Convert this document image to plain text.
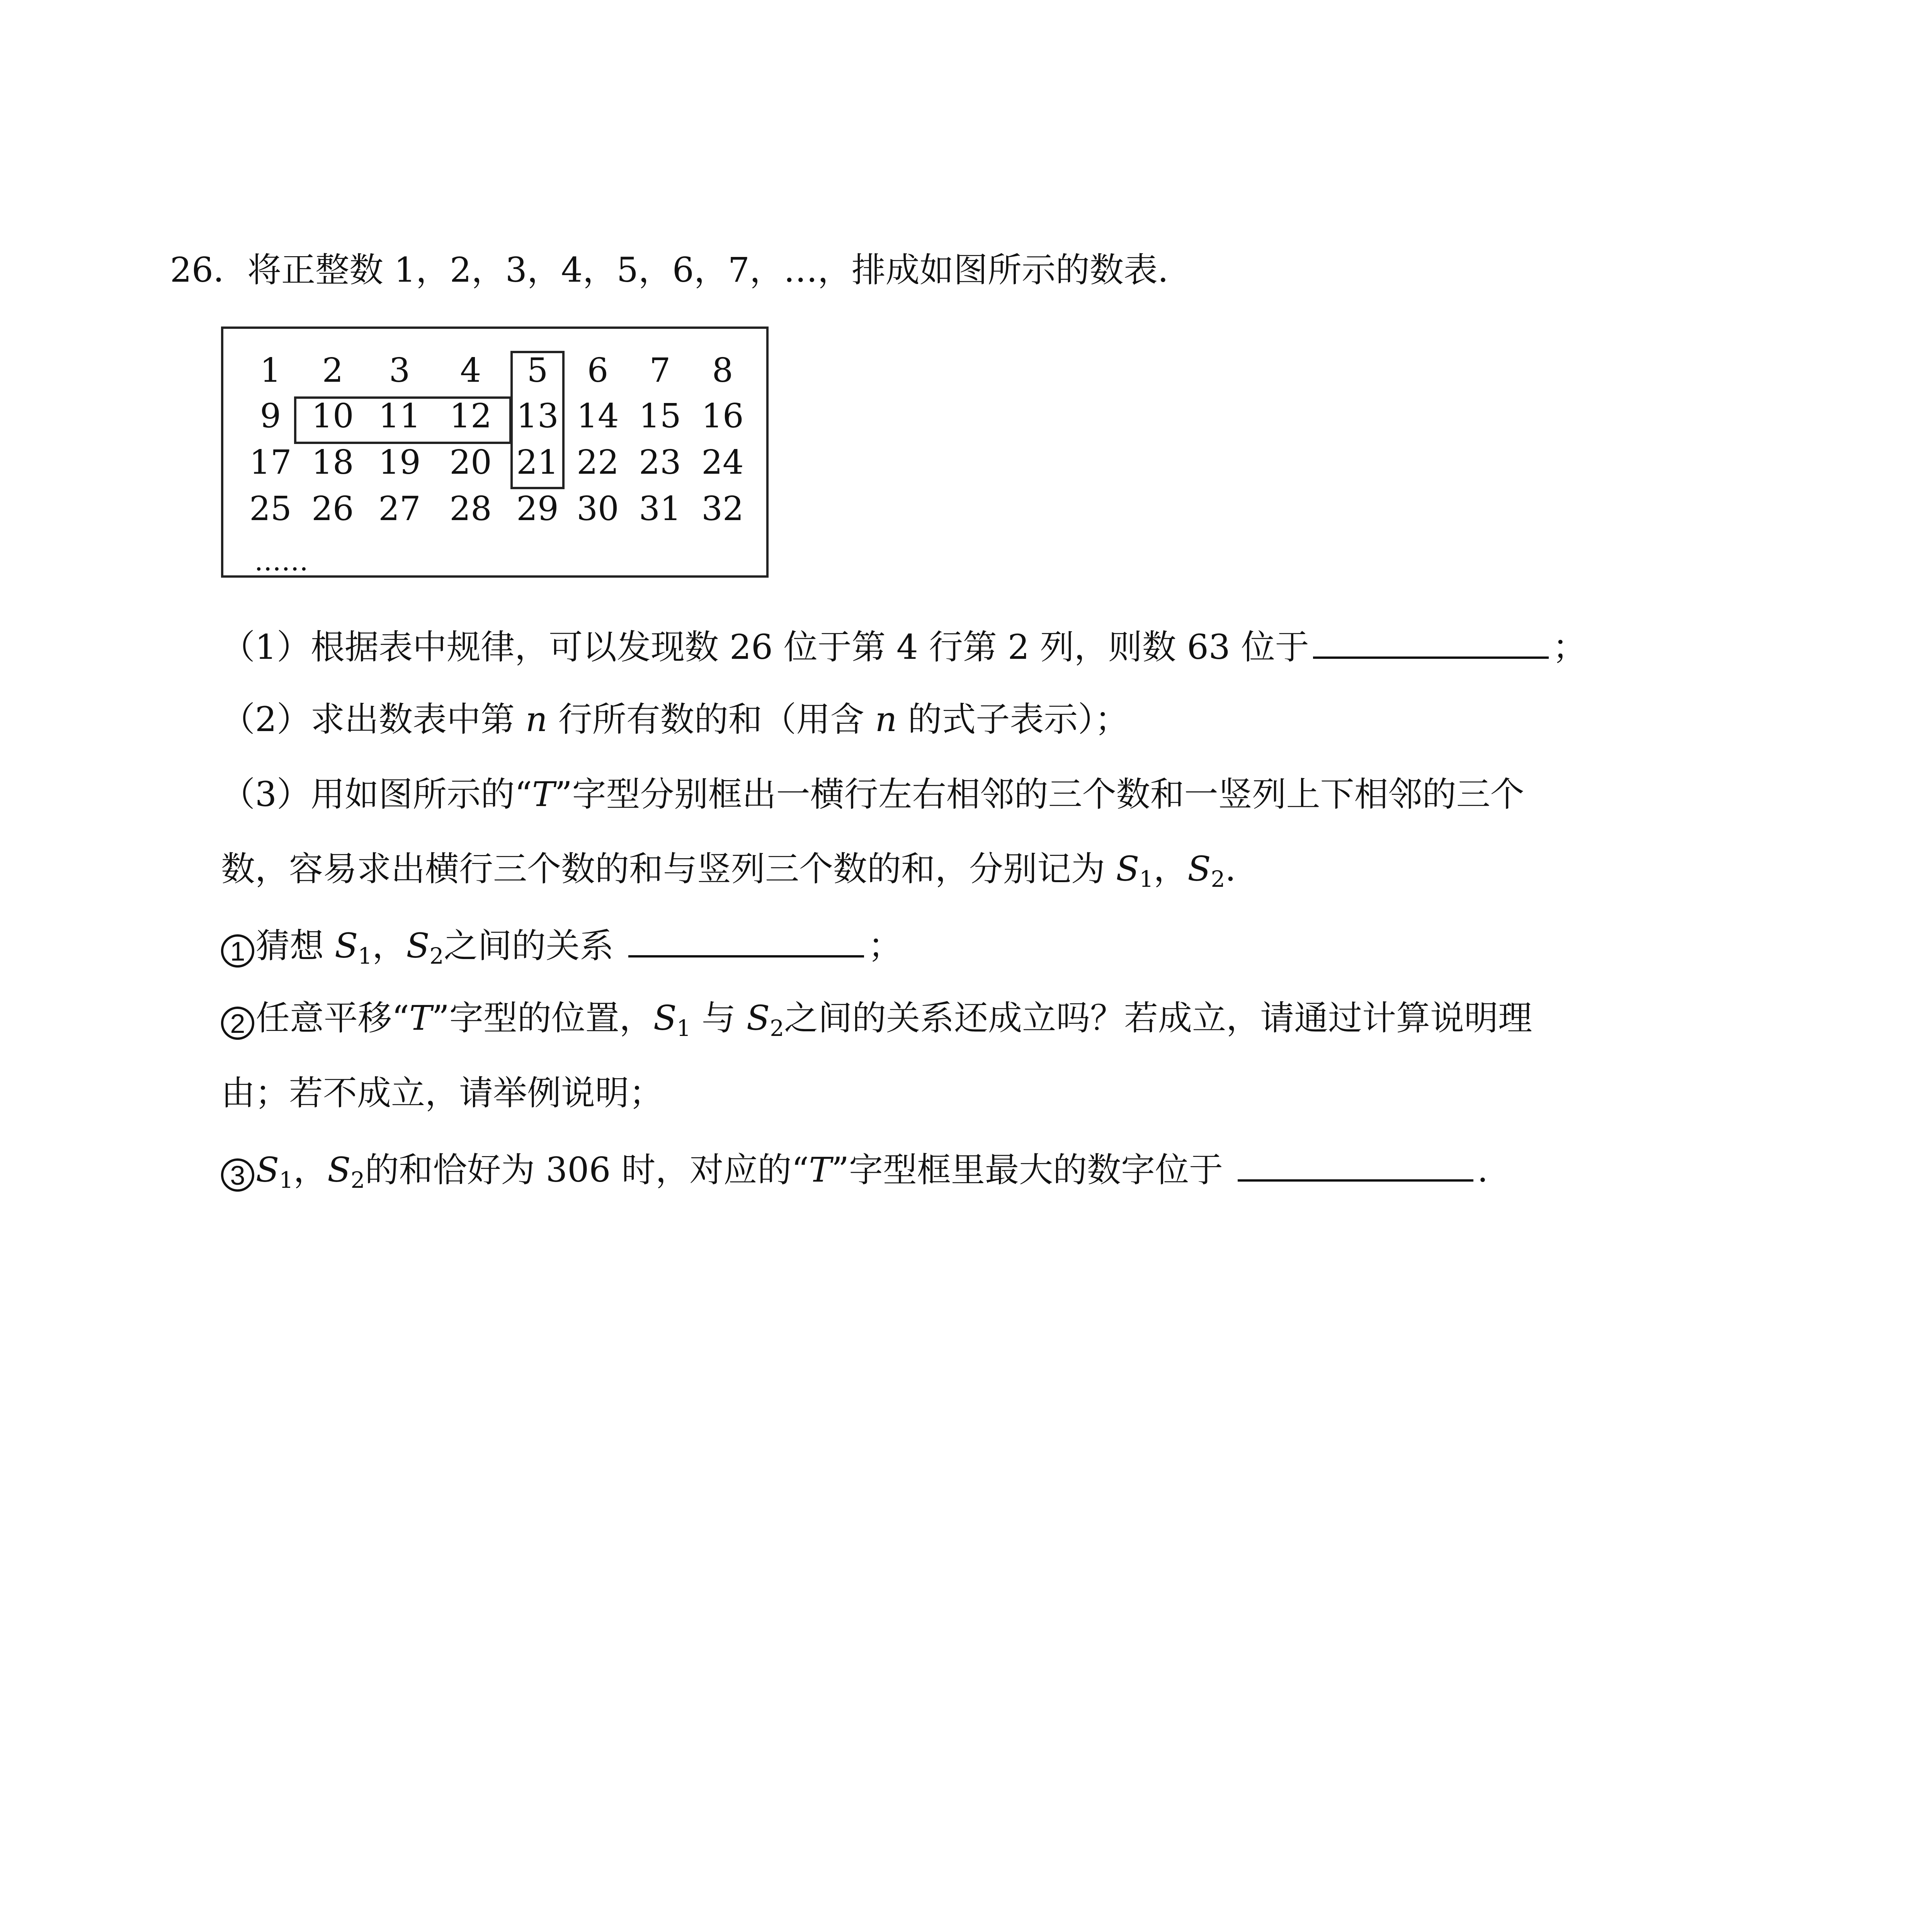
26．将正整数 1，2，3，4，5，6，7，…，排成如图所示的数表.
1 2 3 4 5 6 7 8
9 10 11 12 13 14 15 16
17 18 19 20 21 22 23 24
25 26 27 28 29 30 31 32
……
（1）根据表中规律，可以发现数 26 位于第 4 行第 2 列，则数 63 位于	；
（2）求出数表中第 n 行所有数的和（用含 n 的式子表示）；
（3）用如图所示的“T”字型分别框出一横行左右相邻的三个数和一竖列上下相邻的三个
数，容易求出横行三个数的和与竖列三个数的和，分别记为 $S_1$，$S_2$.
1 猜想 $S_1$，$S_2$之间的关系	；
2 任意平移“T”字型的位置，$S_1$ 与 $S_2$之间的关系还成立吗？若成立，请通过计算说明理
由；若不成立，请举例说明；
3 $S_1$，$S_2$的和恰好为 306 时，对应的“T”字型框里最大的数字位于	.
